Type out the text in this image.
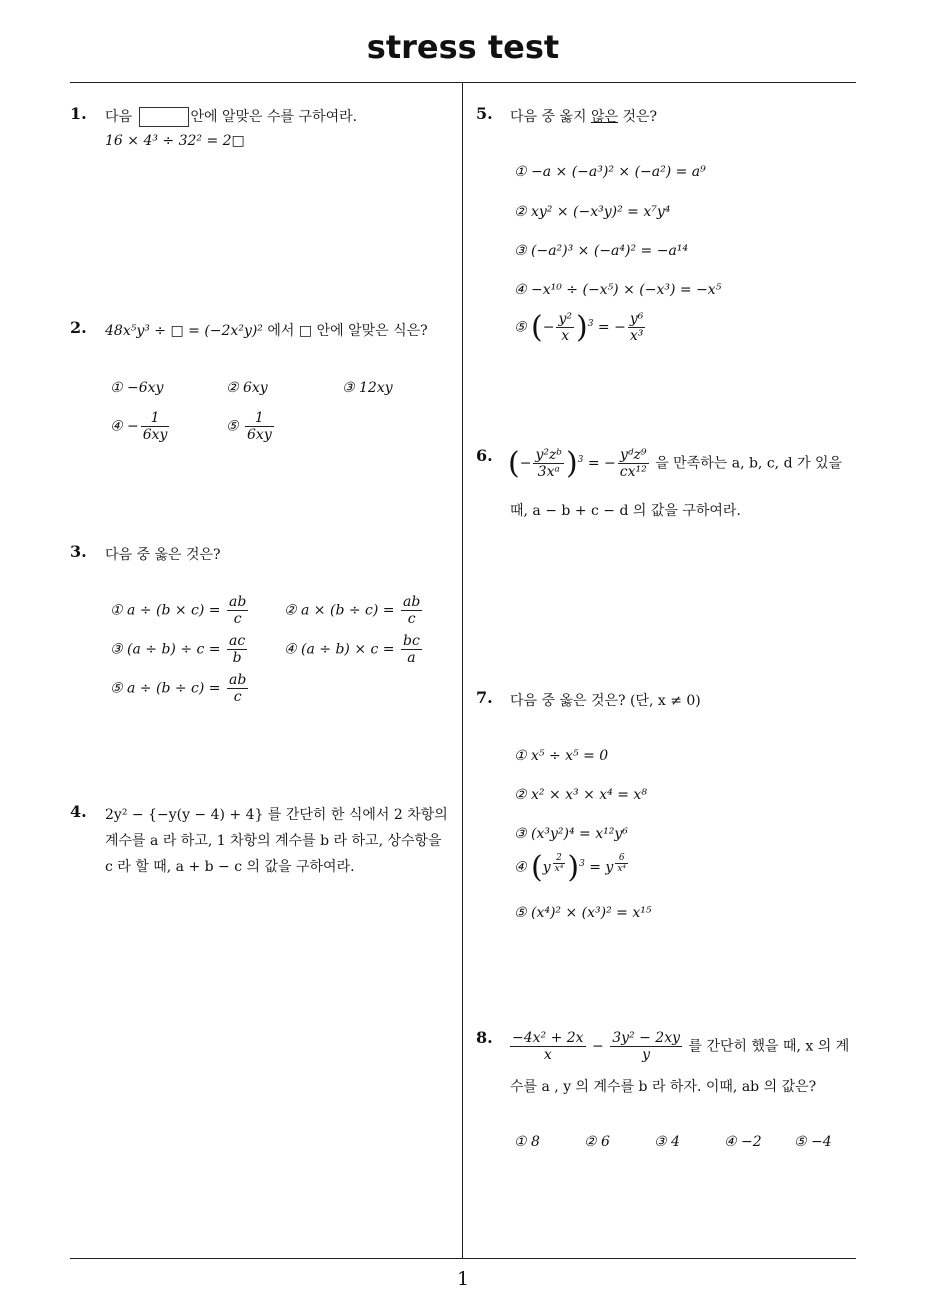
stress test
1
1. 다음	안에 알맞은 수를 구하여라.
16 × 4³ ÷ 32² = 2□
2. 48x⁵y³ ÷ □ = (−2x²y)² 에서 □ 안에 알맞은 식은?
① −6xy	② 6xy	③ 12xy
④ − $\frac{1}{6xy}$	⑤ $\frac{1}{6xy}$
3. 다음 중 옳은 것은?
① $a \div (b \times c) = \frac{ab}{c}$	② $a \times (b \div c) = \frac{ab}{c}$
③ $(a \div b) \div c = \frac{ac}{b}$	④ $(a \div b) \times c = \frac{bc}{a}$
⑤ $a \div (b \div c) = \frac{ab}{c}$
4. 2y² − {−y(y − 4) + 4} 를 간단히 한 식에서 2 차항의
계수를 a 라 하고, 1 차항의 계수를 b 라 하고, 상수항을
c 라 할 때, a + b − c 의 값을 구하여라.
5. 다음 중 옳지 않은 것은?
① −a × (−a³)² × (−a²) = a⁹
② xy² × (−x³y)² = x⁷y⁴
③ (−a²)³ × (−a⁴)² = −a¹⁴
④ −x¹⁰ ÷ (−x⁵) × (−x³) = −x⁵
⑤ (− $\frac{\text{y²}}{x} )^3$ = − $\frac{\text{y⁶}}{\text{x³}}$
6. (− $\frac{\text{y²zᵇ}}{\text{3xᵃ}} )^3$ = − $\frac{\text{yᵈz⁹}}{\text{cx¹²}}$ 을 만족하는 a, b, c, d 가 있을
때, a − b + c − d 의 값을 구하여라.
7. 다음 중 옳은 것은? (단, x ≠ 0)
① x⁵ ÷ x⁵ = 0
② x² × x³ × x⁴ = x⁸
③ (x³y²)⁴ = x¹²y⁶
④ (y $^{\frac{2}{\text{x⁴}}}$ )$^3$ = y $^{\frac{6}{\text{x⁴}}}$
⑤ (x⁴)² × (x³)² = x¹⁵
8. $\frac{\text{−4x² + 2x}}{x} - \frac{\text{3y² − 2xy}}{y}$ 를 간단히 했을 때, x 의 계
수를 a , y 의 계수를 b 라 하자. 이때, ab 의 값은?
① 8	② 6	③ 4	④ −2 ⑤ −4
